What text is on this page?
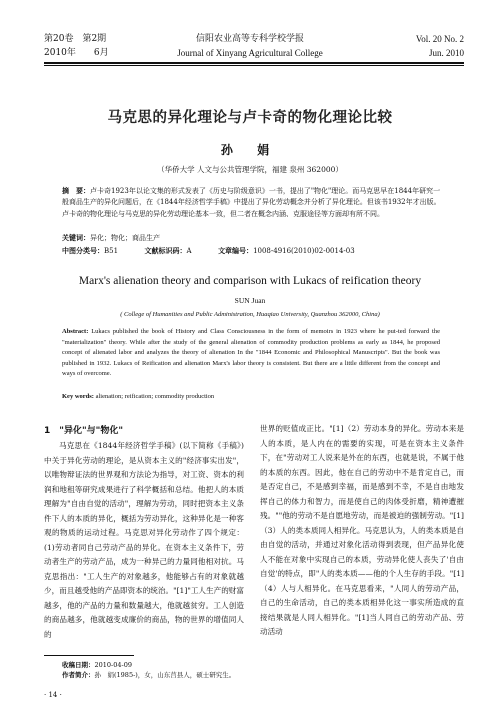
第20卷　第2期
2010年　　6月
信阳农业高等专科学校学报
Journal of Xinyang Agricultural College
Vol. 20 No. 2
Jun. 2010
马克思的异化理论与卢卡奇的物化理论比较
孙 娟
（华侨大学 人文与公共管理学院，福建 泉州 362000）
摘　要：卢卡奇1923年以论文集的形式发表了《历史与阶级意识》一书，提出了"物化"理论。而马克思早在1844年研究一般商品生产的异化问题后，在《1844年经济哲学手稿》中提出了异化劳动概念并分析了异化理论。但该书1932年才出版。卢卡奇的物化理论与马克思的异化劳动理论基本一致，但二者在概念内涵、克服途径等方面却有所不同。
关键词：异化；物化；商品生产
中图分类号：B51	文献标识码：A	文章编号：1008-4916(2010)02-0014-03
Marx's alienation theory and comparison with Lukacs of reification theory
SUN Juan
( College of Humanities and Public Administration, Huaqiao University, Quanzhou 362000, China)
Abstract: Lukacs published the book of History and Class Consciousness in the form of memoirs in 1923 where he put-ted forward the "materialization" theory. While after the study of the general alienation of commodity production problems as early as 1844, he proposed concept of alienated labor and analyzes the theory of alienation In the "1844 Economic and Philosophical Manuscripts". But the book was published in 1932. Lukacs of Reification and alienation Marx's labor theory is consistent. But there are a little different from the concept and ways of overcome.
Key words: alienation; reification; commodity production
1　"异化"与"物化"
马克思在《1844年经济哲学手稿》(以下简称《手稿》)中关于异化劳动的理论，是从资本主义的"经济事实出发"，以唯物辩证法的世界观和方法论为指导，对工资、资本的利润和地租等研究成果进行了科学概括和总结。他把人的本质理解为"自由自觉的活动"，理解为劳动，同时把资本主义条件下人的本质的异化，概括为劳动异化，这种异化是一种客观的物质的运动过程。马克思对异化劳动作了四个规定：(1)劳动者同自己劳动产品的异化。在资本主义条件下，劳动者生产的劳动产品，成为一种异己的力量同他相对抗。马克思指出："工人生产的对象越多，他能够占有的对象就越少，而且越受他的产品即资本的统治。"[1]"工人生产的财富越多，他的产品的力量和数量越大，他就越贫穷。工人创造的商品越多，他就越变成廉价的商品，物的世界的增值同人的
世界的贬值成正比。"[1]（2）劳动本身的异化。劳动本来是人的本质，是人内在的需要的实现，可是在资本主义条件下，在"劳动对工人说来是外在的东西，也就是说，不属于他的本质的东西。因此，他在自己的劳动中不是肯定自己，而是否定自己，不是感到幸福，而是感到不幸，不是自由地发挥自己的体力和智力，而是使自己的肉体受折磨，精神遭摧残。""他的劳动不是自愿地劳动，而是被迫的强制劳动。"[1]（3）人的类本质同人相异化。马克思认为，人的类本质是自由自觉的活动，并通过对象化活动得到表现，但产品异化使人不能在对象中实现自己的本质，劳动异化使人丧失了'自由自觉'的特点，即"人的类本质——他的个人生存的手段。"[1]（4）人与人相异化。在马克思看来，"人同人的劳动产品，自己的生命活动，自己的类本质相异化这一事实所造成的直接结果就是人同人相异化。"[1]当人同自己的劳动产品、劳动活动
收稿日期：2010-04-09
作者简介：孙　娟(1985-)，女，山东莒县人，硕士研究生。
· 14 ·
